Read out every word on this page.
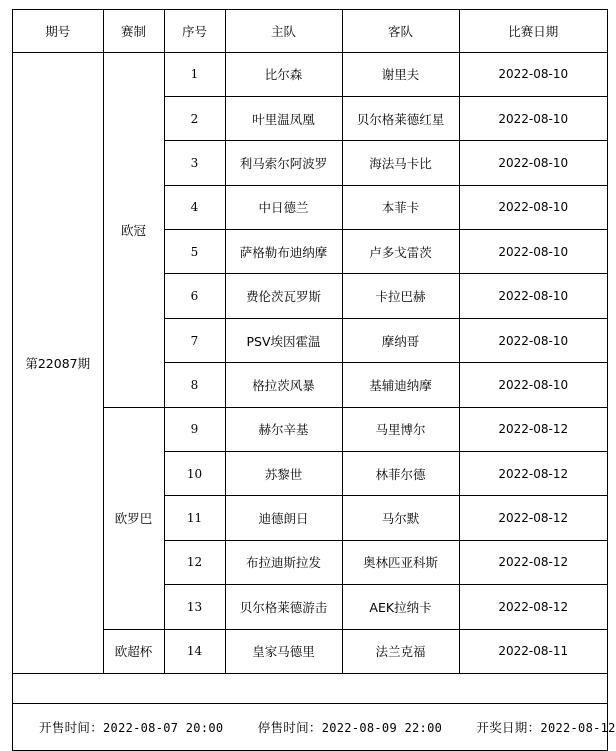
期号	赛制	序号	主队	客队	比赛日期
第22087期	欧冠	1	比尔森	谢里夫	2022-08-10
		2	叶里温凤凰	贝尔格莱德红星	2022-08-10
		3	利马索尔阿波罗	海法马卡比	2022-08-10
		4	中日德兰	本菲卡	2022-08-10
		5	萨格勒布迪纳摩	卢多戈雷茨	2022-08-10
		6	费伦茨瓦罗斯	卡拉巴赫	2022-08-10
		7	PSV埃因霍温	摩纳哥	2022-08-10
		8	格拉茨风暴	基辅迪纳摩	2022-08-10
	欧罗巴	9	赫尔辛基	马里博尔	2022-08-12
		10	苏黎世	林菲尔德	2022-08-12
		11	迪德朗日	马尔默	2022-08-12
		12	布拉迪斯拉发	奥林匹亚科斯	2022-08-12
		13	贝尔格莱德游击	AEK拉纳卡	2022-08-12
	欧超杯	14	皇家马德里	法兰克福	2022-08-11

开售时间：2022-08-07 20:00 停售时间：2022-08-09 22:00 开奖日期：2022-08-12					
